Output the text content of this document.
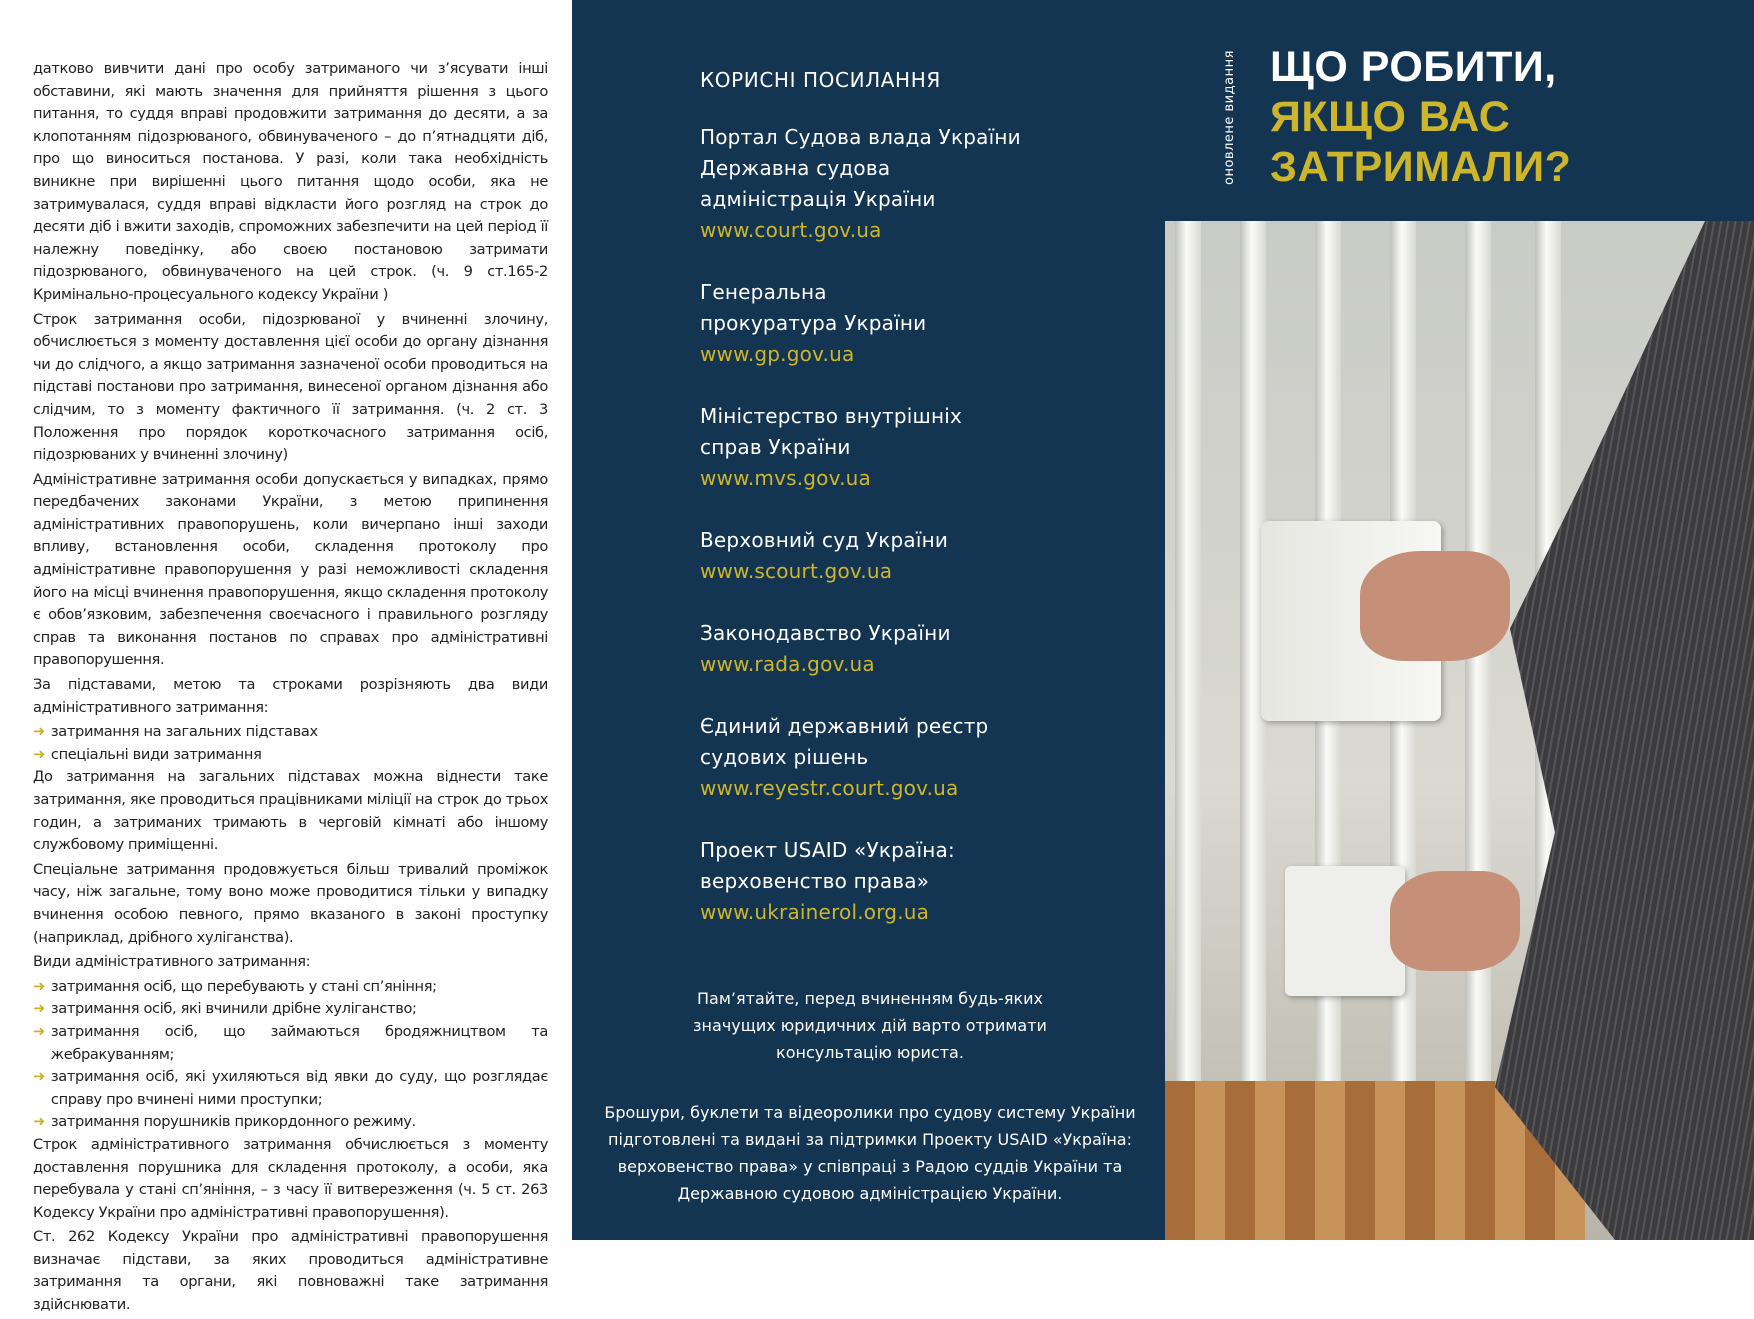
датково вивчити дані про особу затриманого чи з’ясувати інші обставини, які мають значення для прийняття рішення з цього питання, то суддя вправі продовжити затримання до десяти, а за клопотанням підозрюваного, обвинуваченого – до п’ятнадцяти діб, про що виноситься постанова. У разі, коли така необхідність виникне при вирішенні цього питання щодо особи, яка не затримувалася, суддя вправі відкласти його розгляд на строк до десяти діб і вжити заходів, спроможних забезпечити на цей період її належну поведінку, або своєю постановою затримати підозрюваного, обвинуваченого на цей строк. (ч. 9 ст.165-2 Кримінально-процесуального кодексу України )

Строк затримання особи, підозрюваної у вчиненні злочину, обчислюється з моменту доставлення цієї особи до органу дізнання чи до слідчого, а якщо затримання зазначеної особи проводиться на підставі постанови про затримання, винесеної органом дізнання або слідчим, то з моменту фактичного її затримання. (ч. 2 ст. 3 Положення про порядок короткочасного затримання осіб, підозрюваних у вчиненні злочину)

Адміністративне затримання особи допускається у випадках, прямо передбачених законами України, з метою припинення адміністративних правопорушень, коли вичерпано інші заходи впливу, встановлення особи, складення протоколу про адміністративне правопорушення у разі неможливості складення його на місці вчинення правопорушення, якщо складення протоколу є обов’язковим, забезпечення своєчасного і правильного розгляду справ та виконання постанов по справах про адміністративні правопорушення.

За підставами, метою та строками розрізняють два види адміністративного затримання:

➜ затримання на загальних підставах
➜ спеціальні види затримання

До затримання на загальних підставах можна віднести таке затримання, яке проводиться працівниками міліції на строк до трьох годин, а затриманих тримають в черговій кімнаті або іншому службовому приміщенні.

Спеціальне затримання продовжується більш тривалий проміжок часу, ніж загальне, тому воно може проводитися тільки у випадку вчинення особою певного, прямо вказаного в законі проступку (наприклад, дрібного хуліганства).

Види адміністративного затримання:

➜ затримання осіб, що перебувають у стані сп’яніння;
➜ затримання осіб, які вчинили дрібне хуліганство;
➜ затримання осіб, що займаються бродяжництвом та жебракуванням;
➜ затримання осіб, які ухиляються від явки до суду, що розглядає справу про вчинені ними проступки;
➜ затримання порушників прикордонного режиму.

Строк адміністративного затримання обчислюється з моменту доставлення порушника для складення протоколу, а особи, яка перебувала у стані сп’яніння, – з часу її витверезження (ч. 5 ст. 263 Кодексу України про адміністративні правопорушення).

Ст. 262 Кодексу України про адміністративні правопорушення визначає підстави, за яких проводиться адміністративне затримання та органи, які повноважні таке затримання здійснювати.

КОРИСНІ ПОСИЛАННЯ
Портал Судова влада України Державна судова адміністрація України
www.court.gov.ua
Генеральна прокуратура України
www.gp.gov.ua
Міністерство внутрішніх справ України
www.mvs.gov.ua
Верховний суд України
www.scourt.gov.ua
Законодавство України
www.rada.gov.ua
Єдиний державний реєстр судових рішень
www.reyestr.court.gov.ua
Проект USAID «Україна: верховенство права»
www.ukrainerol.org.ua
Пам’ятайте, перед вчиненням будь-яких значущих юридичних дій варто отримати консультацію юриста.
Брошури, буклети та відеоролики про судову систему України підготовлені та видані за підтримки Проекту USAID «Україна: верховенство права» у співпраці з Радою суддів України та Державною судовою адміністрацією України.
оновлене видання ЩО РОБИТИ,
ЯКЩО ВАС
ЗАТРИМАЛИ?
